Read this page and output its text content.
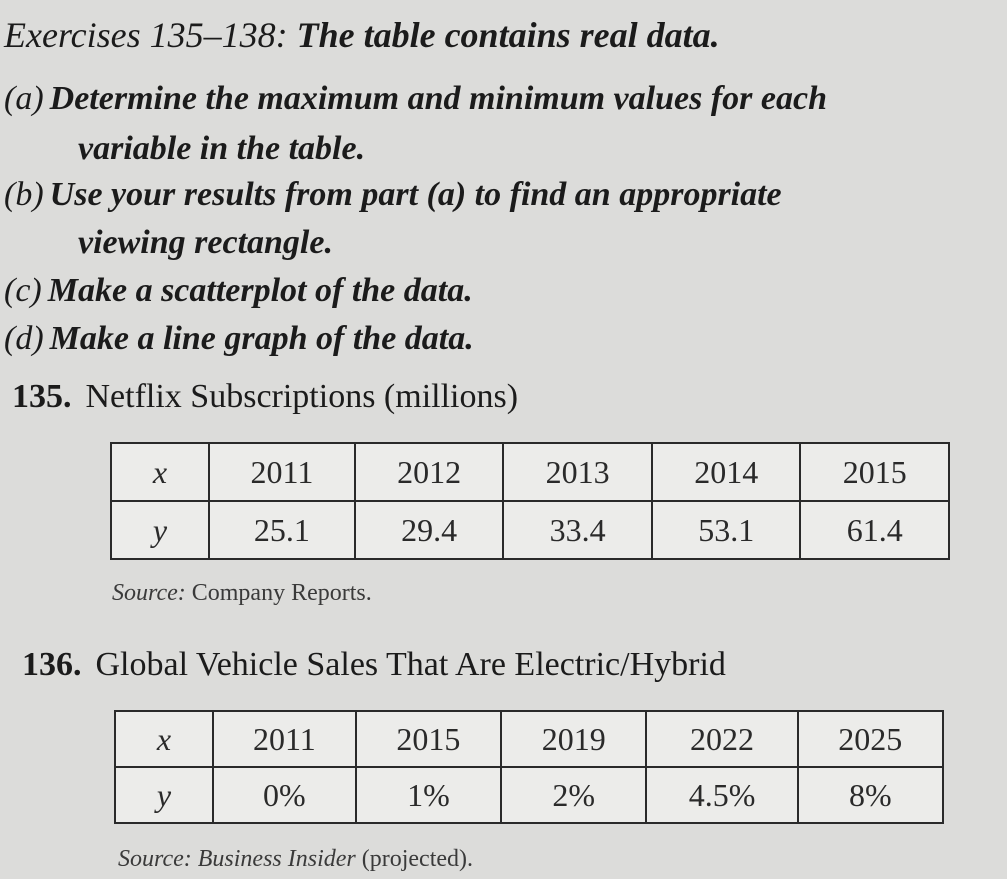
Exercises 135–138: The table contains real data.
(a) Determine the maximum and minimum values for each
variable in the table.
(b) Use your results from part (a) to find an appropriate
viewing rectangle.
(c) Make a scatterplot of the data.
(d) Make a line graph of the data.
135. Netflix Subscriptions (millions)
x	2011	2012	2013	2014	2015
y	25.1	29.4	33.4	53.1	61.4
Source: Company Reports.
136. Global Vehicle Sales That Are Electric/Hybrid
x	2011	2015	2019	2022	2025
y	0%	1%	2%	4.5%	8%
Source: Business Insider (projected).
